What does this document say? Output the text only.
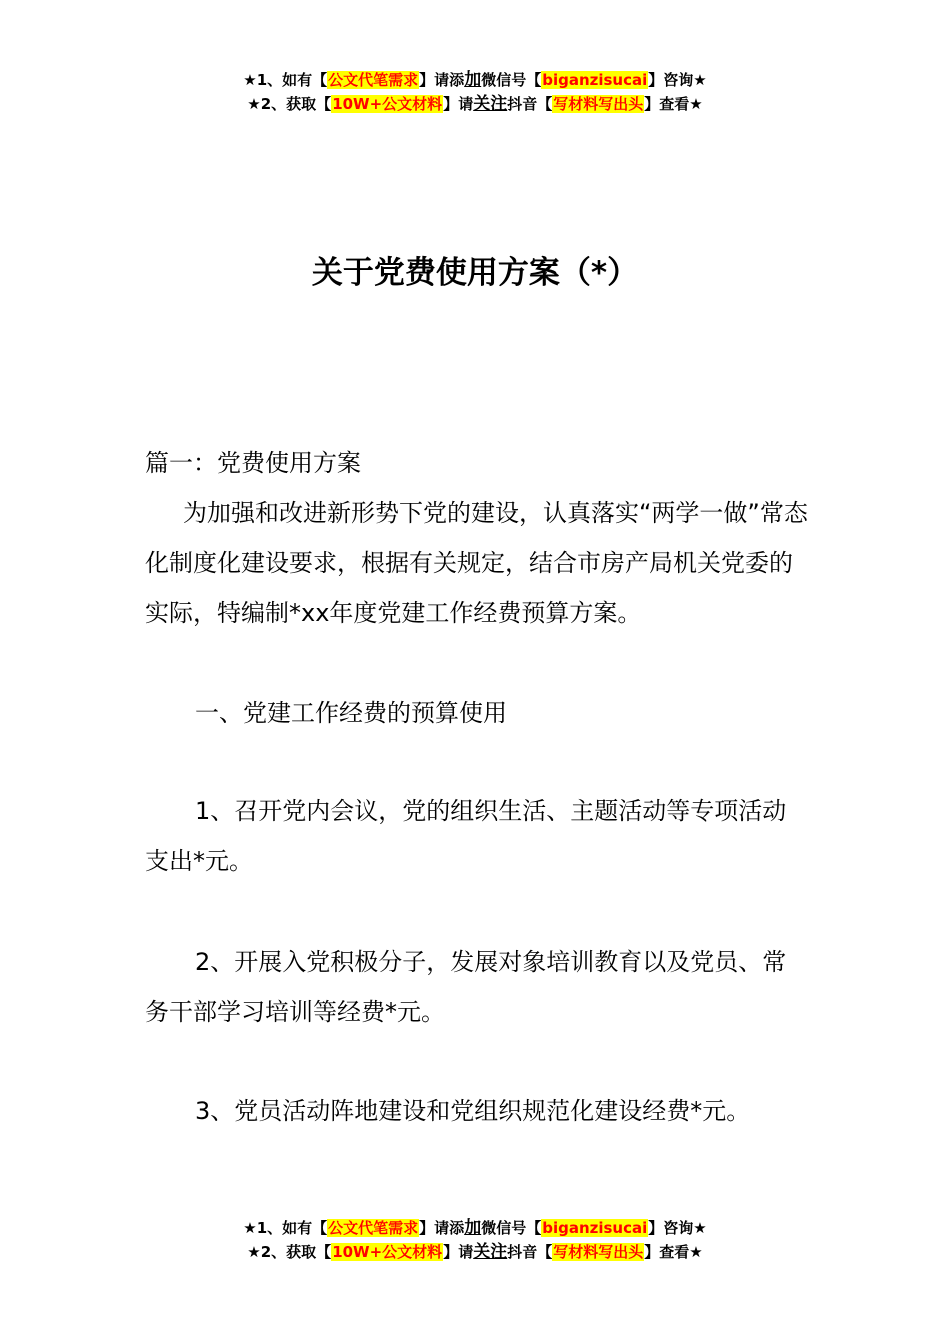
★1、如有【公文代笔需求】请添加微信号【biganzisucai】咨询★
★2、获取【10W+公文材料】请关注抖音【写材料写出头】查看★
关于党费使用方案（*）
篇一：党费使用方案
为加强和改进新形势下党的建设，认真落实“两学一做”常态化制度化建设要求，根据有关规定，结合市房产局机关党委的实际，特编制*xx年度党建工作经费预算方案。
一、党建工作经费的预算使用
1、召开党内会议，党的组织生活、主题活动等专项活动支出*元。
2、开展入党积极分子，发展对象培训教育以及党员、常务干部学习培训等经费*元。
3、党员活动阵地建设和党组织规范化建设经费*元。
★1、如有【公文代笔需求】请添加微信号【biganzisucai】咨询★
★2、获取【10W+公文材料】请关注抖音【写材料写出头】查看★
